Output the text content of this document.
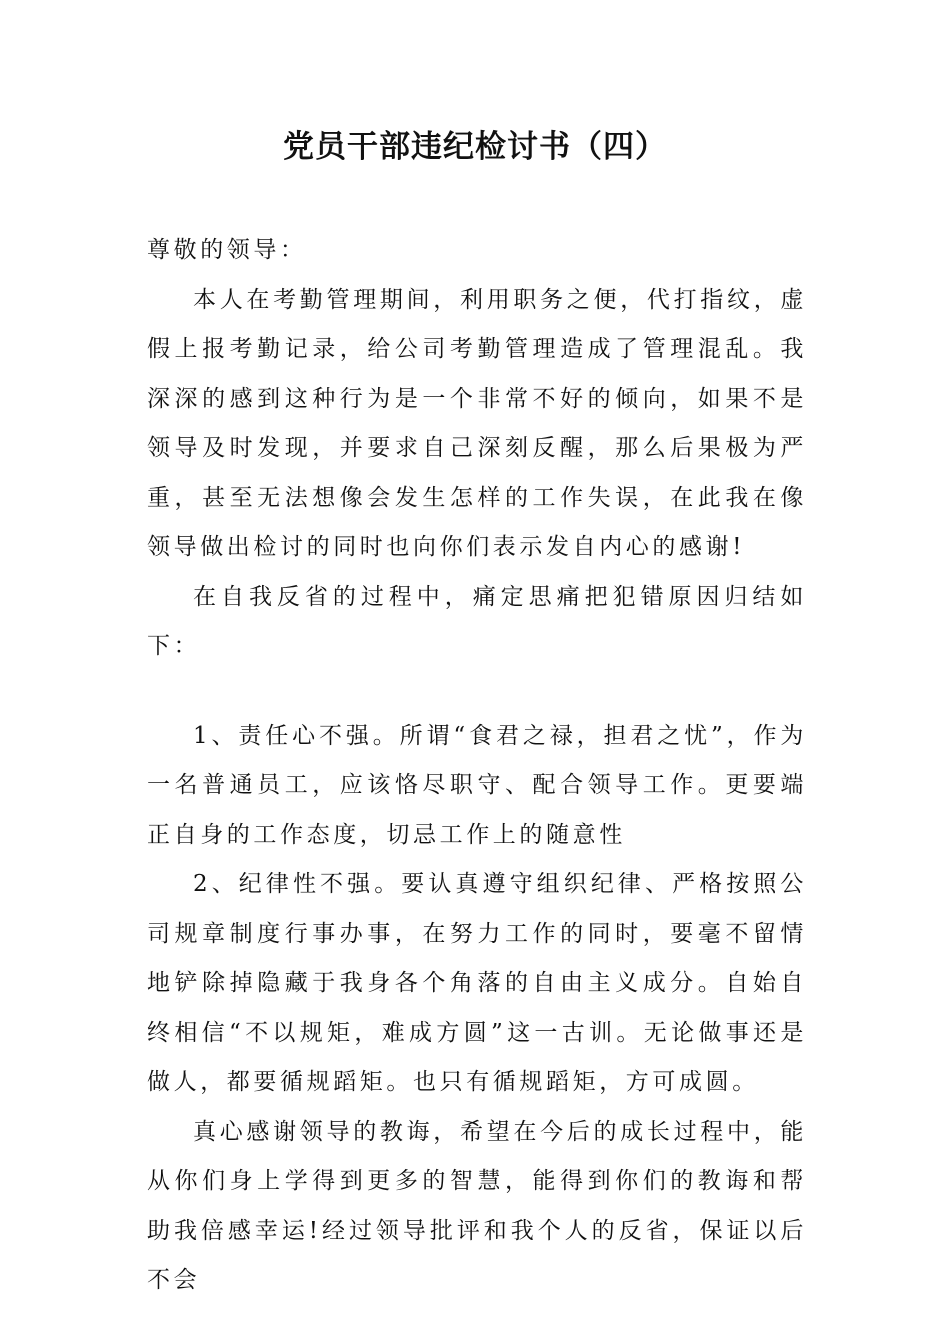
党员干部违纪检讨书（四）

尊敬的领导：

本人在考勤管理期间，利用职务之便，代打指纹，虚假上报考勤记录，给公司考勤管理造成了管理混乱。我深深的感到这种行为是一个非常不好的倾向，如果不是领导及时发现，并要求自己深刻反醒，那么后果极为严重，甚至无法想像会发生怎样的工作失误，在此我在像领导做出检讨的同时也向你们表示发自内心的感谢!

在自我反省的过程中，痛定思痛把犯错原因归结如下：

1、责任心不强。所谓“食君之禄，担君之忧”，作为一名普通员工，应该恪尽职守、配合领导工作。更要端正自身的工作态度，切忌工作上的随意性

2、纪律性不强。要认真遵守组织纪律、严格按照公司规章制度行事办事，在努力工作的同时，要毫不留情地铲除掉隐藏于我身各个角落的自由主义成分。自始自终相信“不以规矩，难成方圆”这一古训。无论做事还是做人，都要循规蹈矩。也只有循规蹈矩，方可成圆。

真心感谢领导的教诲，希望在今后的成长过程中，能从你们身上学得到更多的智慧，能得到你们的教诲和帮助我倍感幸运!经过领导批评和我个人的反省，保证以后不会
